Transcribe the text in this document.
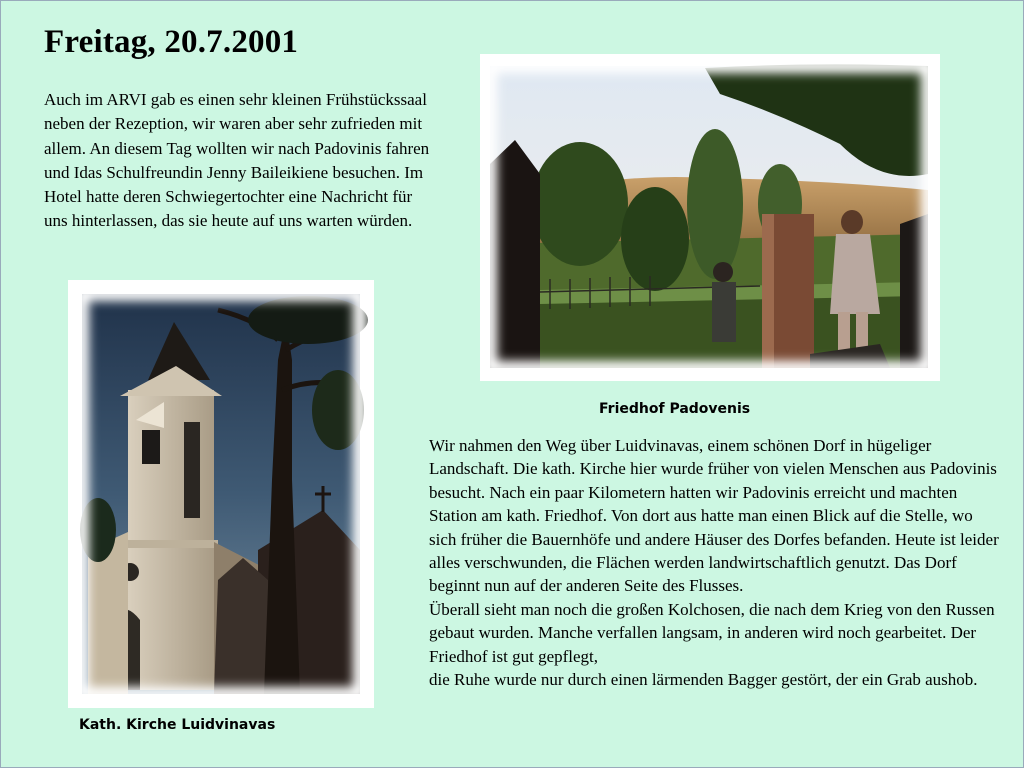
Freitag, 20.7.2001

Auch im ARVI gab es einen sehr kleinen Frühstückssaal neben der Rezeption, wir waren aber sehr zufrieden mit allem. An diesem Tag wollten wir nach Padovinis fahren und Idas Schulfreundin Jenny Baileikiene besuchen. Im Hotel hatte deren Schwiegertochter eine Nachricht für uns hinterlassen, das sie heute auf uns warten würden.

Friedhof Padovenis

Kath. Kirche Luidvinavas

Wir nahmen den Weg über Luidvinavas, einem schönen Dorf in hügeliger Landschaft. Die kath. Kirche hier wurde früher von vielen Menschen aus Padovinis besucht. Nach ein paar Kilometern hatten wir Padovinis erreicht und machten Station am kath. Friedhof. Von dort aus hatte man einen Blick auf die Stelle, wo sich früher die Bauernhöfe und andere Häuser des Dorfes befanden. Heute ist leider alles verschwunden, die Flächen werden landwirtschaftlich genutzt. Das Dorf beginnt nun auf der anderen Seite des Flusses.

Überall sieht man noch die großen Kolchosen, die nach dem Krieg von den Russen gebaut wurden. Manche verfallen langsam, in anderen wird noch gearbeitet. Der Friedhof ist gut gepflegt,

die Ruhe wurde nur durch einen lärmenden Bagger gestört, der ein Grab aushob.
